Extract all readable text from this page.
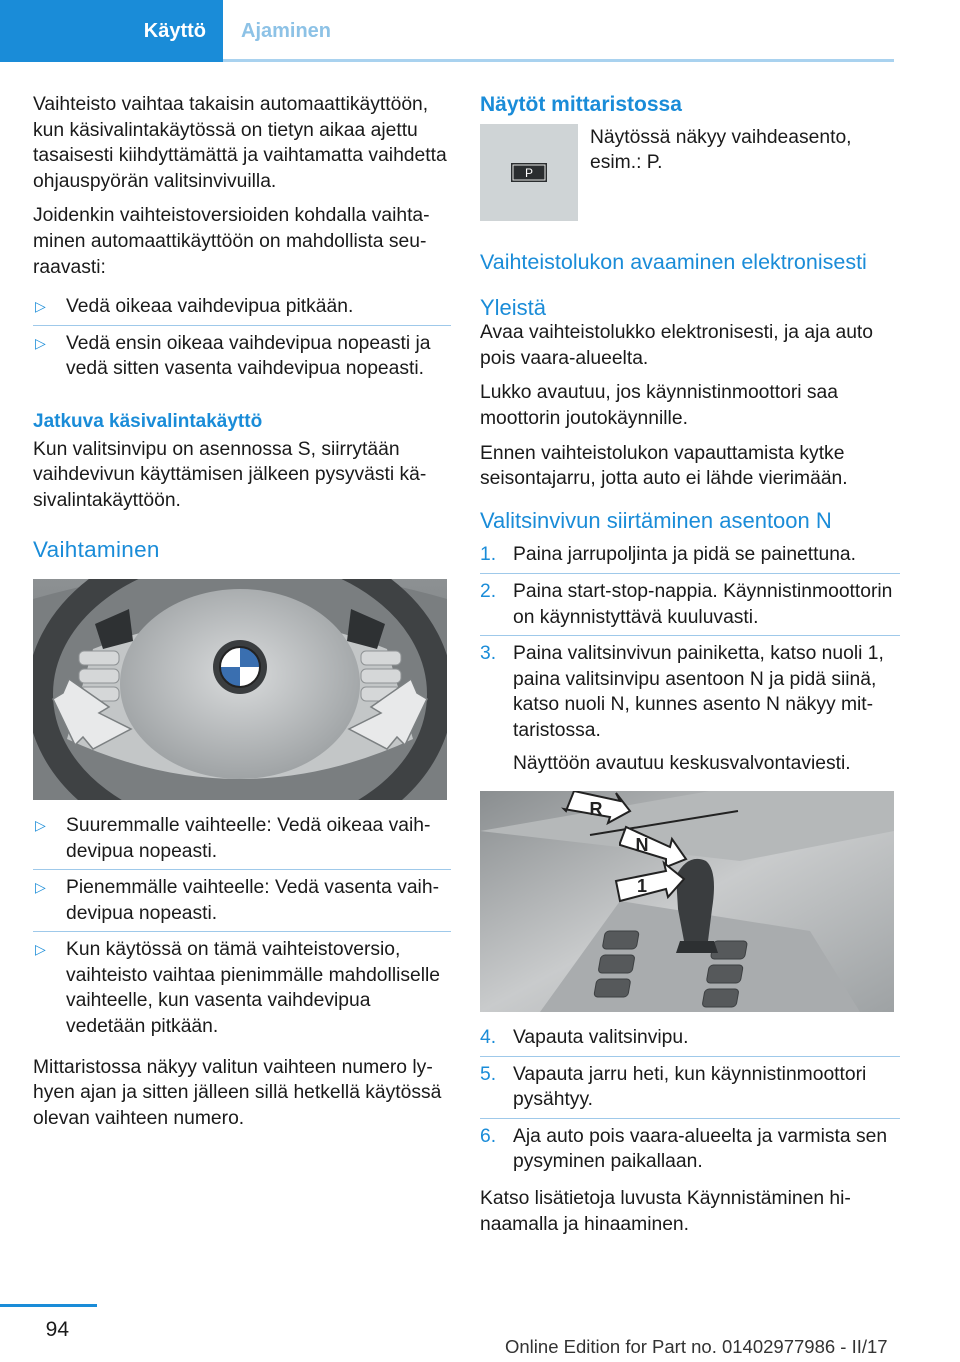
Käyttö	Ajaminen

Vaihteisto vaihtaa takaisin automaattikäyttöön, kun käsivalintakäytössä on tietyn aikaa ajettu tasaisesti kiihdyttämättä ja vaihtamatta vaihdetta ohjauspyörän valitsinvivuilla.

Joidenkin vaihteistoversioiden kohdalla vaihtaminen automaattikäyttöön on mahdollista seuraavasti:

▷ Vedä oikeaa vaihdevipua pitkään.
▷ Vedä ensin oikeaa vaihdevipua nopeasti ja vedä sitten vasenta vaihdevipua nopeasti.
Jatkuva käsivalintakäyttö

Kun valitsinvipu on asennossa S, siirrytään vaihdevivun käyttämisen jälkeen pysyvästi käsivalintakäyttöön.

Vaihtaminen
▷ Suuremmalle vaihteelle: Vedä oikeaa vaihdevipua nopeasti.
▷ Pienemmälle vaihteelle: Vedä vasenta vaihdevipua nopeasti.
▷ Kun käytössä on tämä vaihteistoversio, vaihteisto vaihtaa pienimmälle mahdolliselle vaihteelle, kun vasenta vaihdevipua vedetään pitkään.

Mittaristossa näkyy valitun vaihteen numero lyhyen ajan ja sitten jälleen sillä hetkellä käytössä olevan vaihteen numero.

Näytöt mittaristossa
P
Näytössä näkyy vaihdeasento, esim.: P.
Vaihteistolukon avaaminen elektronisesti
Yleistä

Avaa vaihteistolukko elektronisesti, ja aja auto pois vaara-alueelta.

Lukko avautuu, jos käynnistinmoottori saa moottorin joutokäynnille.

Ennen vaihteistolukon vapauttamista kytke seisontajarru, jotta auto ei lähde vierimään.

Valitsinvivun siirtäminen asentoon N
1. Paina jarrupoljinta ja pidä se painettuna.
2. Paina start-stop-nappia. Käynnistinmoottorin on käynnistyttävä kuuluvasti.
3. Paina valitsinvivun painiketta, katso nuoli 1, paina valitsinvipu asentoon N ja pidä siinä, katso nuoli N, kunnes asento N näkyy mittaristossa.
Näyttöön avautuu keskusvalvontaviesti.
R
N
1
4. Vapauta valitsinvipu.
5. Vapauta jarru heti, kun käynnistinmoottori pysähtyy.
6. Aja auto pois vaara-alueelta ja varmista sen pysyminen paikallaan.

Katso lisätietoja luvusta Käynnistäminen hinaamalla ja hinaaminen.

94
Online Edition for Part no. 01402977986 - II/17
